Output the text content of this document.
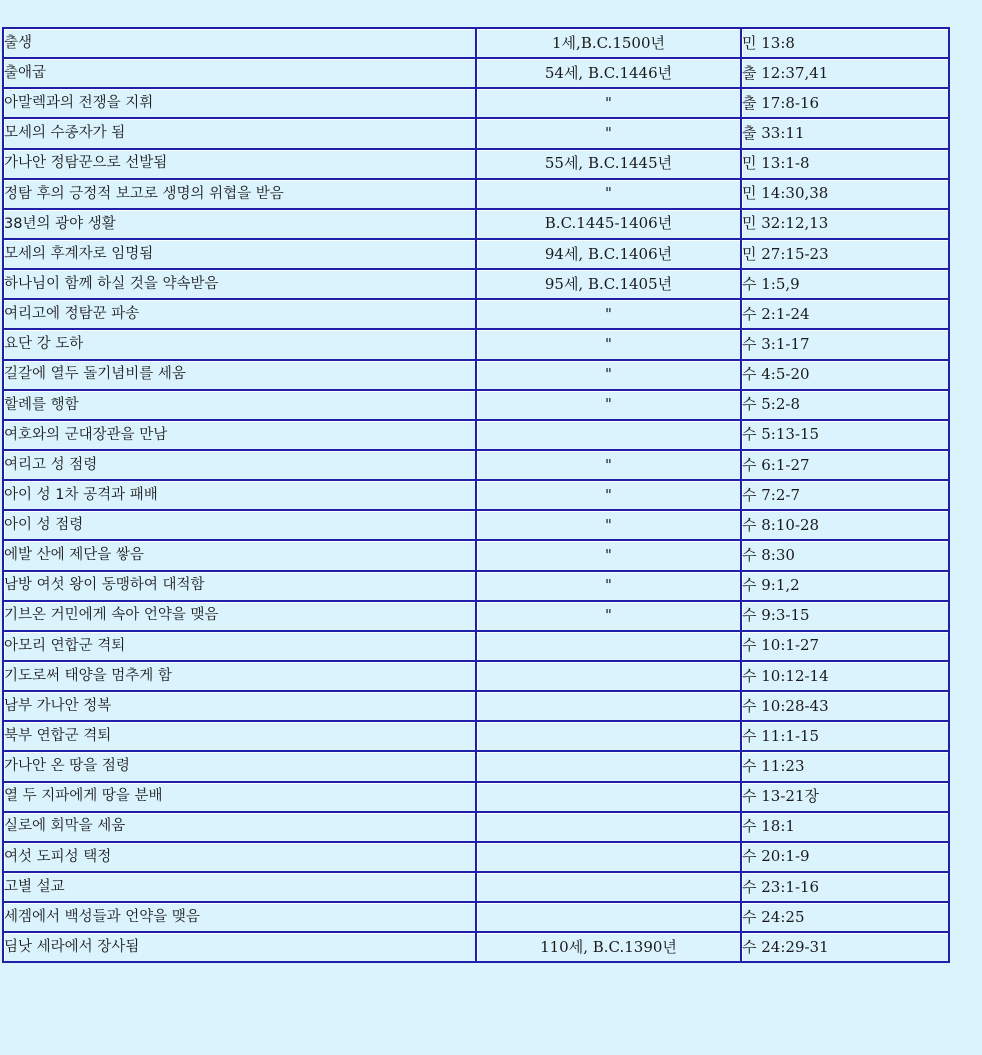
출생	1세,B.C.1500년	민 13:8
출애굽	54세, B.C.1446년	출 12:37,41
아말렉과의 전쟁을 지휘	"	출 17:8-16
모세의 수종자가 됨	"	출 33:11
가나안 정탐꾼으로 선발됨	55세, B.C.1445년	민 13:1-8
정탐 후의 긍정적 보고로 생명의 위협을 받음	"	민 14:30,38
38년의 광야 생활	B.C.1445-1406년	민 32:12,13
모세의 후계자로 임명됨	94세, B.C.1406년	민 27:15-23
하나님이 함께 하실 것을 약속받음	95세, B.C.1405년	수 1:5,9
여리고에 정탐꾼 파송	"	수 2:1-24
요단 강 도하	"	수 3:1-17
길갈에 열두 돌기념비를 세움	"	수 4:5-20
할례를 행함	"	수 5:2-8
여호와의 군대장관을 만남		수 5:13-15
여리고 성 점령	"	수 6:1-27
아이 성 1차 공격과 패배	"	수 7:2-7
아이 성 점령	"	수 8:10-28
에발 산에 제단을 쌓음	"	수 8:30
남방 여섯 왕이 동맹하여 대적함	"	수 9:1,2
기브온 거민에게 속아 언약을 맺음	"	수 9:3-15
아모리 연합군 격퇴		수 10:1-27
기도로써 태양을 멈추게 함		수 10:12-14
남부 가나안 정복		수 10:28-43
북부 연합군 격퇴		수 11:1-15
가나안 온 땅을 점령		수 11:23
열 두 지파에게 땅을 분배		수 13-21장
실로에 회막을 세움		수 18:1
여섯 도피성 택정		수 20:1-9
고별 설교		수 23:1-16
세겜에서 백성들과 언약을 맺음		수 24:25
딤낫 세라에서 장사됨	110세, B.C.1390년	수 24:29-31
